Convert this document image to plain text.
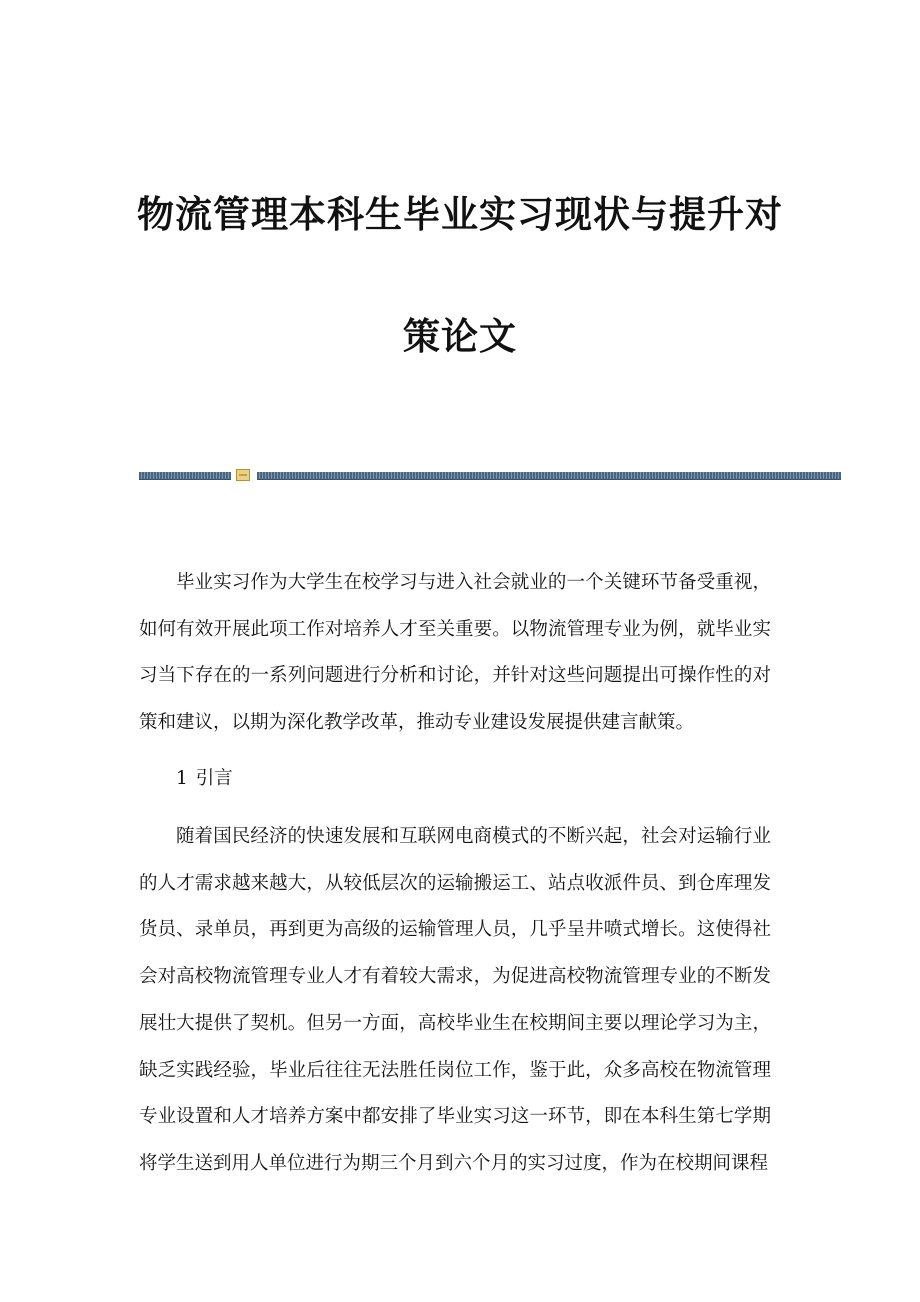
物流管理本科生毕业实习现状与提升对
策论文

毕业实习作为大学生在校学习与进入社会就业的一个关键环节备受重视，如何有效开展此项工作对培养人才至关重要。以物流管理专业为例，就毕业实习当下存在的一系列问题进行分析和讨论，并针对这些问题提出可操作性的对策和建议，以期为深化教学改革，推动专业建设发展提供建言献策。

1 引言

随着国民经济的快速发展和互联网电商模式的不断兴起，社会对运输行业的人才需求越来越大，从较低层次的运输搬运工、站点收派件员、到仓库理发货员、录单员，再到更为高级的运输管理人员，几乎呈井喷式增长。这使得社会对高校物流管理专业人才有着较大需求，为促进高校物流管理专业的不断发展壮大提供了契机。但另一方面，高校毕业生在校期间主要以理论学习为主，缺乏实践经验，毕业后往往无法胜任岗位工作，鉴于此，众多高校在物流管理专业设置和人才培养方案中都安排了毕业实习这一环节，即在本科生第七学期将学生送到用人单位进行为期三个月到六个月的实习过度，作为在校期间课程
